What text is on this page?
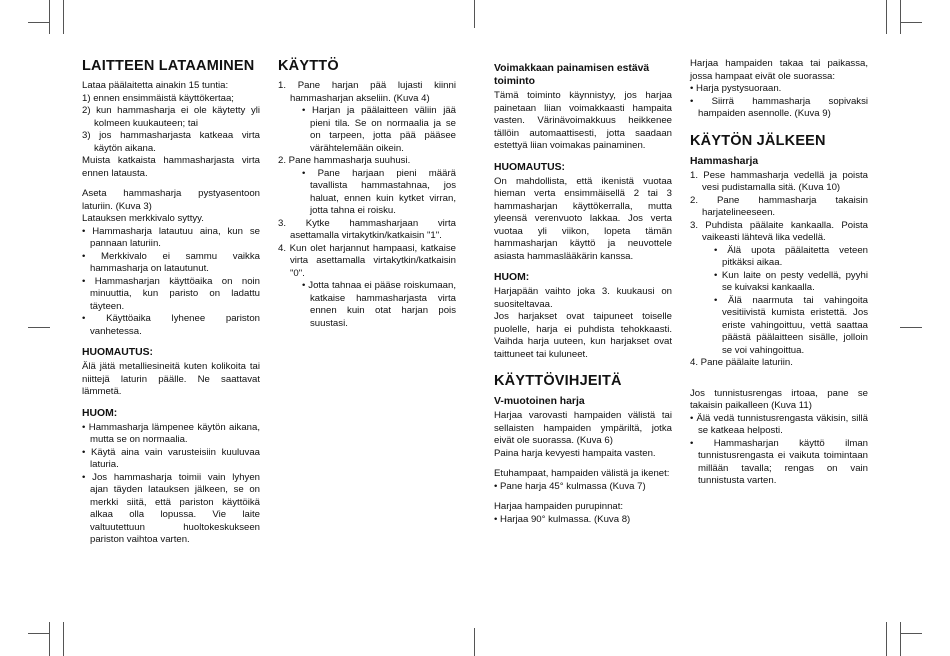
LAITTEEN LATAAMINEN

Lataa päälaitetta ainakin 15 tuntia:

1) ennen ensimmäistä käyttökertaa;
2) kun hammasharja ei ole käytetty yli kolmeen kuukauteen; tai
3) jos hammasharjasta katkeaa virta käytön aikana.

Muista katkaista hammasharjasta virta ennen latausta.

Aseta hammasharja pystyasentoon laturiin. (Kuva 3)

Latauksen merkkivalo syttyy.

• Hammasharja latautuu aina, kun se pannaan laturiin.
• Merkkivalo ei sammu vaikka hammasharja on latautunut.
• Hammasharjan käyttöaika on noin minuuttia, kun paristo on ladattu täyteen.
• Käyttöaika lyhenee pariston vanhetessa.
HUOMAUTUS:

Älä jätä metalliesineitä kuten kolikoita tai niittejä laturin päälle. Ne saattavat lämmetä.

HUOM:
• Hammasharja lämpenee käytön aikana, mutta se on normaalia.
• Käytä aina vain varusteisiin kuuluvaa laturia.
• Jos hammasharja toimii vain lyhyen ajan täyden latauksen jälkeen, se on merkki siitä, että pariston käyttöikä alkaa olla lopussa. Vie laite valtuutettuun huoltokeskukseen pariston vaihtoa varten.
KÄYTTÖ
1. Pane harjan pää lujasti kiinni hammasharjan akseliin. (Kuva 4)
• Harjan ja päälaitteen väliin jää pieni tila. Se on normaalia ja se on tarpeen, jotta pää pääsee värähtelemään oikein.
2. Pane hammasharja suuhusi.
• Pane harjaan pieni määrä tavallista hammastahnaa, jos haluat, ennen kuin kytket virran, jotta tahna ei roisku.
3. Kytke hammasharjaan virta asettamalla virtakytkin/katkaisin "1".
4. Kun olet harjannut hampaasi, katkaise virta asettamalla virtakytkin/katkaisin "0".
• Jotta tahnaa ei pääse roiskumaan, katkaise hammasharjasta virta ennen kuin otat harjan pois suustasi.
Voimakkaan painamisen estävä toiminto

Tämä toiminto käynnistyy, jos harjaa painetaan liian voimakkaasti hampaita vasten. Värinävoimakkuus heikkenee tällöin automaattisesti, jotta saadaan estettyä liian voimakas painaminen.

HUOMAUTUS:

On mahdollista, että ikenistä vuotaa hieman verta ensimmäisellä 2 tai 3 hammasharjan käyttökerralla, mutta yleensä verenvuoto lakkaa. Jos verta vuotaa yli viikon, lopeta tämän hammasharjan käyttö ja neuvottele asiasta hammaslääkärin kanssa.

HUOM:

Harjapään vaihto joka 3. kuukausi on suositeltavaa.

Jos harjakset ovat taipuneet toiselle puolelle, harja ei puhdista tehokkaasti. Vaihda harja uuteen, kun harjakset ovat taittuneet tai kuluneet.

KÄYTTÖVIHJEITÄ
V-muotoinen harja

Harjaa varovasti hampaiden välistä tai sellaisten hampaiden ympäriltä, jotka eivät ole suorassa. (Kuva 6)

Paina harja kevyesti hampaita vasten.

Etuhampaat, hampaiden välistä ja ikenet:

• Pane harja 45° kulmassa (Kuva 7)

Harjaa hampaiden purupinnat:

• Harjaa 90° kulmassa. (Kuva 8)

Harjaa hampaiden takaa tai paikassa, jossa hampaat eivät ole suorassa:

• Harja pystysuoraan.
• Siirrä hammasharja sopivaksi hampaiden asennolle. (Kuva 9)
KÄYTÖN JÄLKEEN
Hammasharja
1. Pese hammasharja vedellä ja poista vesi pudistamalla sitä. (Kuva 10)
2. Pane hammasharja takaisin harjatelineeseen.
3. Puhdista päälaite kankaalla. Poista vaikeasti lähtevä lika vedellä.
• Älä upota päälaitetta veteen pitkäksi aikaa.
• Kun laite on pesty vedellä, pyyhi se kuivaksi kankaalla.
• Älä naarmuta tai vahingoita vesitiivistä kumista eristettä. Jos eriste vahingoittuu, vettä saattaa päästä päälaitteen sisälle, jolloin se voi vahingoittua.
4. Pane päälaite laturiin.

Jos tunnistusrengas irtoaa, pane se takaisin paikalleen (Kuva 11)

• Älä vedä tunnistusrengasta väkisin, sillä se katkeaa helposti.
• Hammasharjan käyttö ilman tunnistusrengasta ei vaikuta toimintaan millään tavalla; rengas on vain tunnistusta varten.
